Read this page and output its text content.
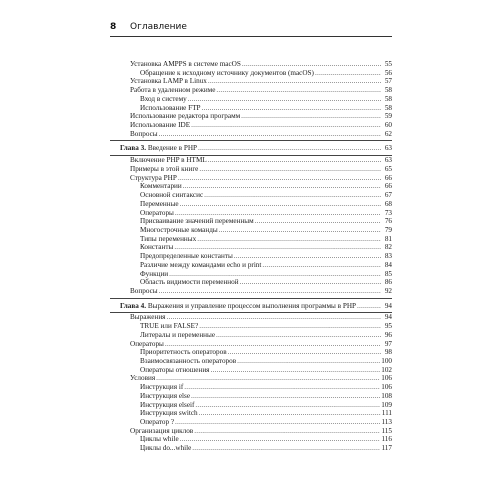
8 Оглавление
Установка AMPPS в системе macOS .....	55
Обращение к исходному источнику документов (macOS) .....	56
Установка LAMP в Linux .....	57
Работа в удаленном режиме .....	58
Вход в систему .....	58
Использование FTP .....	58
Использование редактора программ .....	59
Использование IDE .....	60
Вопросы .....	62
Глава 3. Введение в PHP .....	63
Включение PHP в HTML .....	63
Примеры в этой книге .....	65
Структура PHP .....	66
Комментарии .....	66
Основной синтаксис .....	67
Переменные .....	68
Операторы .....	73
Присваивание значений переменным .....	76
Многострочные команды .....	79
Типы переменных .....	81
Константы .....	82
Предопределенные константы .....	83
Различие между командами echo и print .....	84
Функции .....	85
Область видимости переменной .....	86
Вопросы .....	92
Глава 4. Выражения и управление процессом выполнения программы в PHP .....	94
Выражения .....	94
TRUE или FALSE? .....	95
Литералы и переменные .....	96
Операторы .....	97
Приоритетность операторов .....	98
Взаимосвязанность операторов .....	100
Операторы отношения .....	102
Условия .....	106
Инструкция if .....	106
Инструкция else .....	108
Инструкция elseif .....	109
Инструкция switch .....	111
Оператор ? .....	113
Организация циклов .....	115
Циклы while .....	116
Циклы do...while .....	117
